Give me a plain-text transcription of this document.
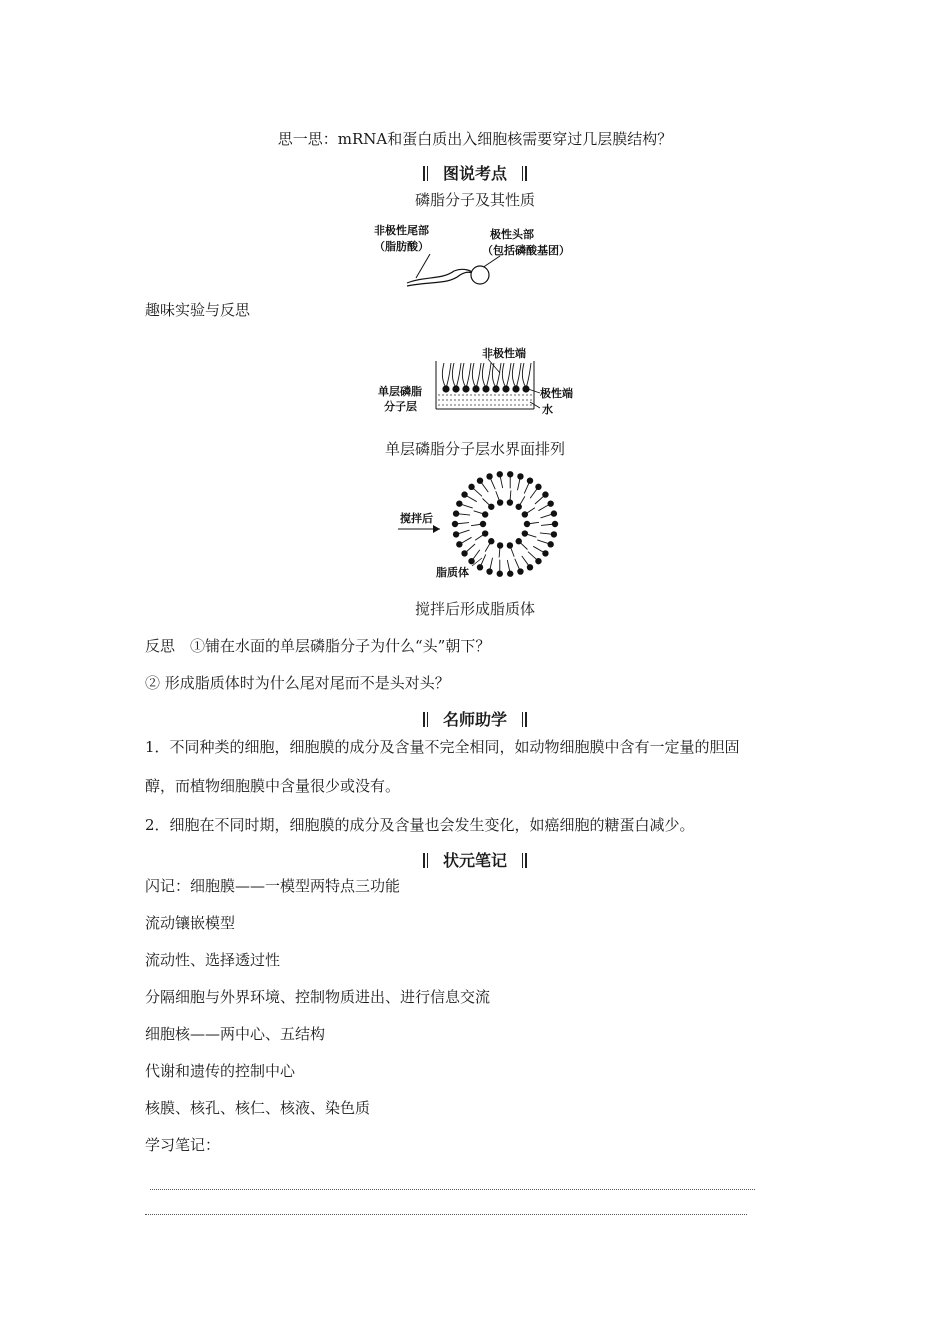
思一思：mRNA和蛋白质出入细胞核需要穿过几层膜结构？
图说考点
磷脂分子及其性质
非极性尾部
（脂肪酸）
极性头部
（包括磷酸基团）
趣味实验与反思
非极性端
极性端
水
单层磷脂
分子层
单层磷脂分子层水界面排列
搅拌后
脂质体
搅拌后形成脂质体
反思　①铺在水面的单层磷脂分子为什么“头”朝下？
② 形成脂质体时为什么尾对尾而不是头对头？
名师助学
1．不同种类的细胞，细胞膜的成分及含量不完全相同，如动物细胞膜中含有一定量的胆固
醇，而植物细胞膜中含量很少或没有。
2．细胞在不同时期，细胞膜的成分及含量也会发生变化，如癌细胞的糖蛋白减少。
状元笔记
闪记：细胞膜——一模型两特点三功能
流动镶嵌模型
流动性、选择透过性
分隔细胞与外界环境、控制物质进出、进行信息交流
细胞核——两中心、五结构
代谢和遗传的控制中心
核膜、核孔、核仁、核液、染色质
学习笔记：
